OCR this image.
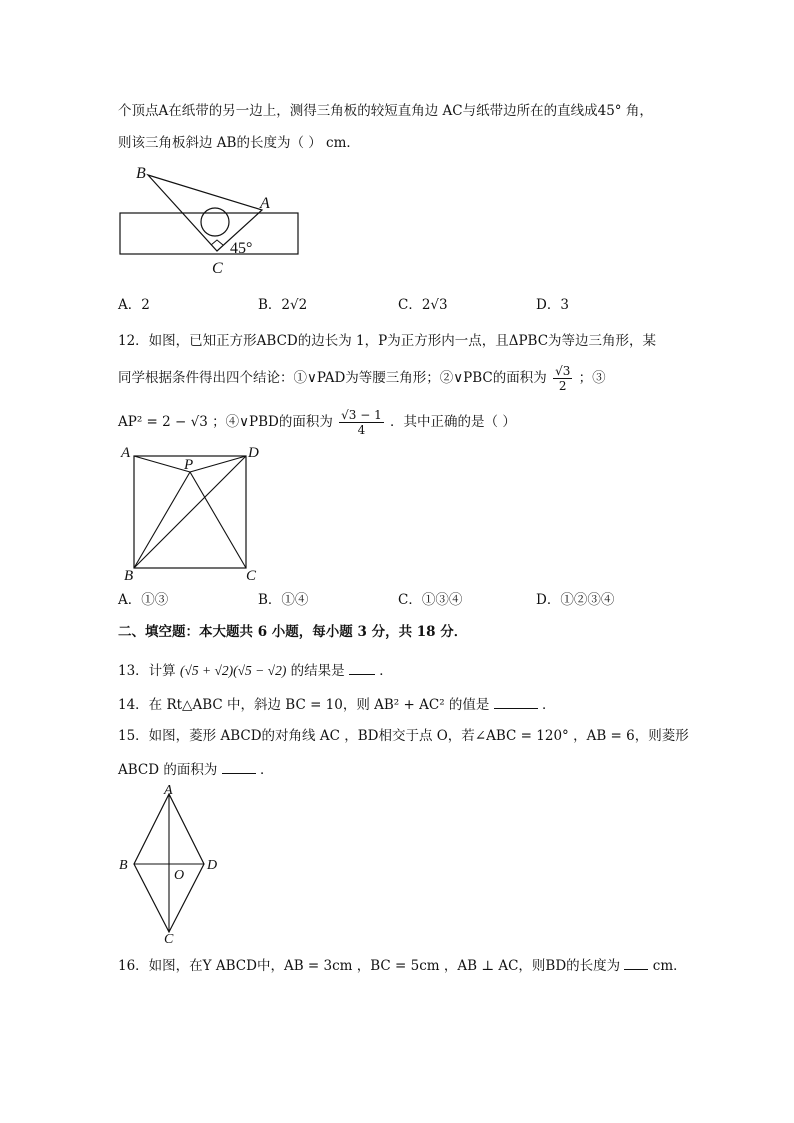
个顶点A在纸带的另一边上，测得三角板的较短直角边 AC与纸带边所在的直线成45° 角，
则该三角板斜边 AB的长度为（ ） cm．
B
A
45°
C
A．2	B．2√2	C．2√3	D．3
12．如图，已知正方形ABCD的边长为 1，P为正方形内一点，且ΔPBC为等边三角形，某
同学根据条件得出四个结论：①∨PAD为等腰三角形；②∨PBC的面积为 $\frac{√3}{2}$ ；③
AP² = 2 − √3 ；④∨PBD的面积为 $\frac{√3 - 1}{4}$ ．其中正确的是（ ）
A
P
D
B	C
A．①③	B．①④	C．①③④	D．①②③④
二、填空题：本大题共 6 小题，每小题 3 分，共 18 分．
13．计算 (√5 + √2)(√5 − √2) 的结果是	．
14．在 Rt△ABC 中，斜边 BC = 10，则 AB² + AC² 的值是	．
15．如图，菱形 ABCD的对角线 AC ，BD相交于点 O，若∠ABC = 120° ，AB = 6，则菱形
ABCD 的面积为	．
A
B
O
D
C
16．如图，在Y ABCD中，AB = 3cm ，BC = 5cm ，AB ⊥ AC，则BD的长度为 cm．
